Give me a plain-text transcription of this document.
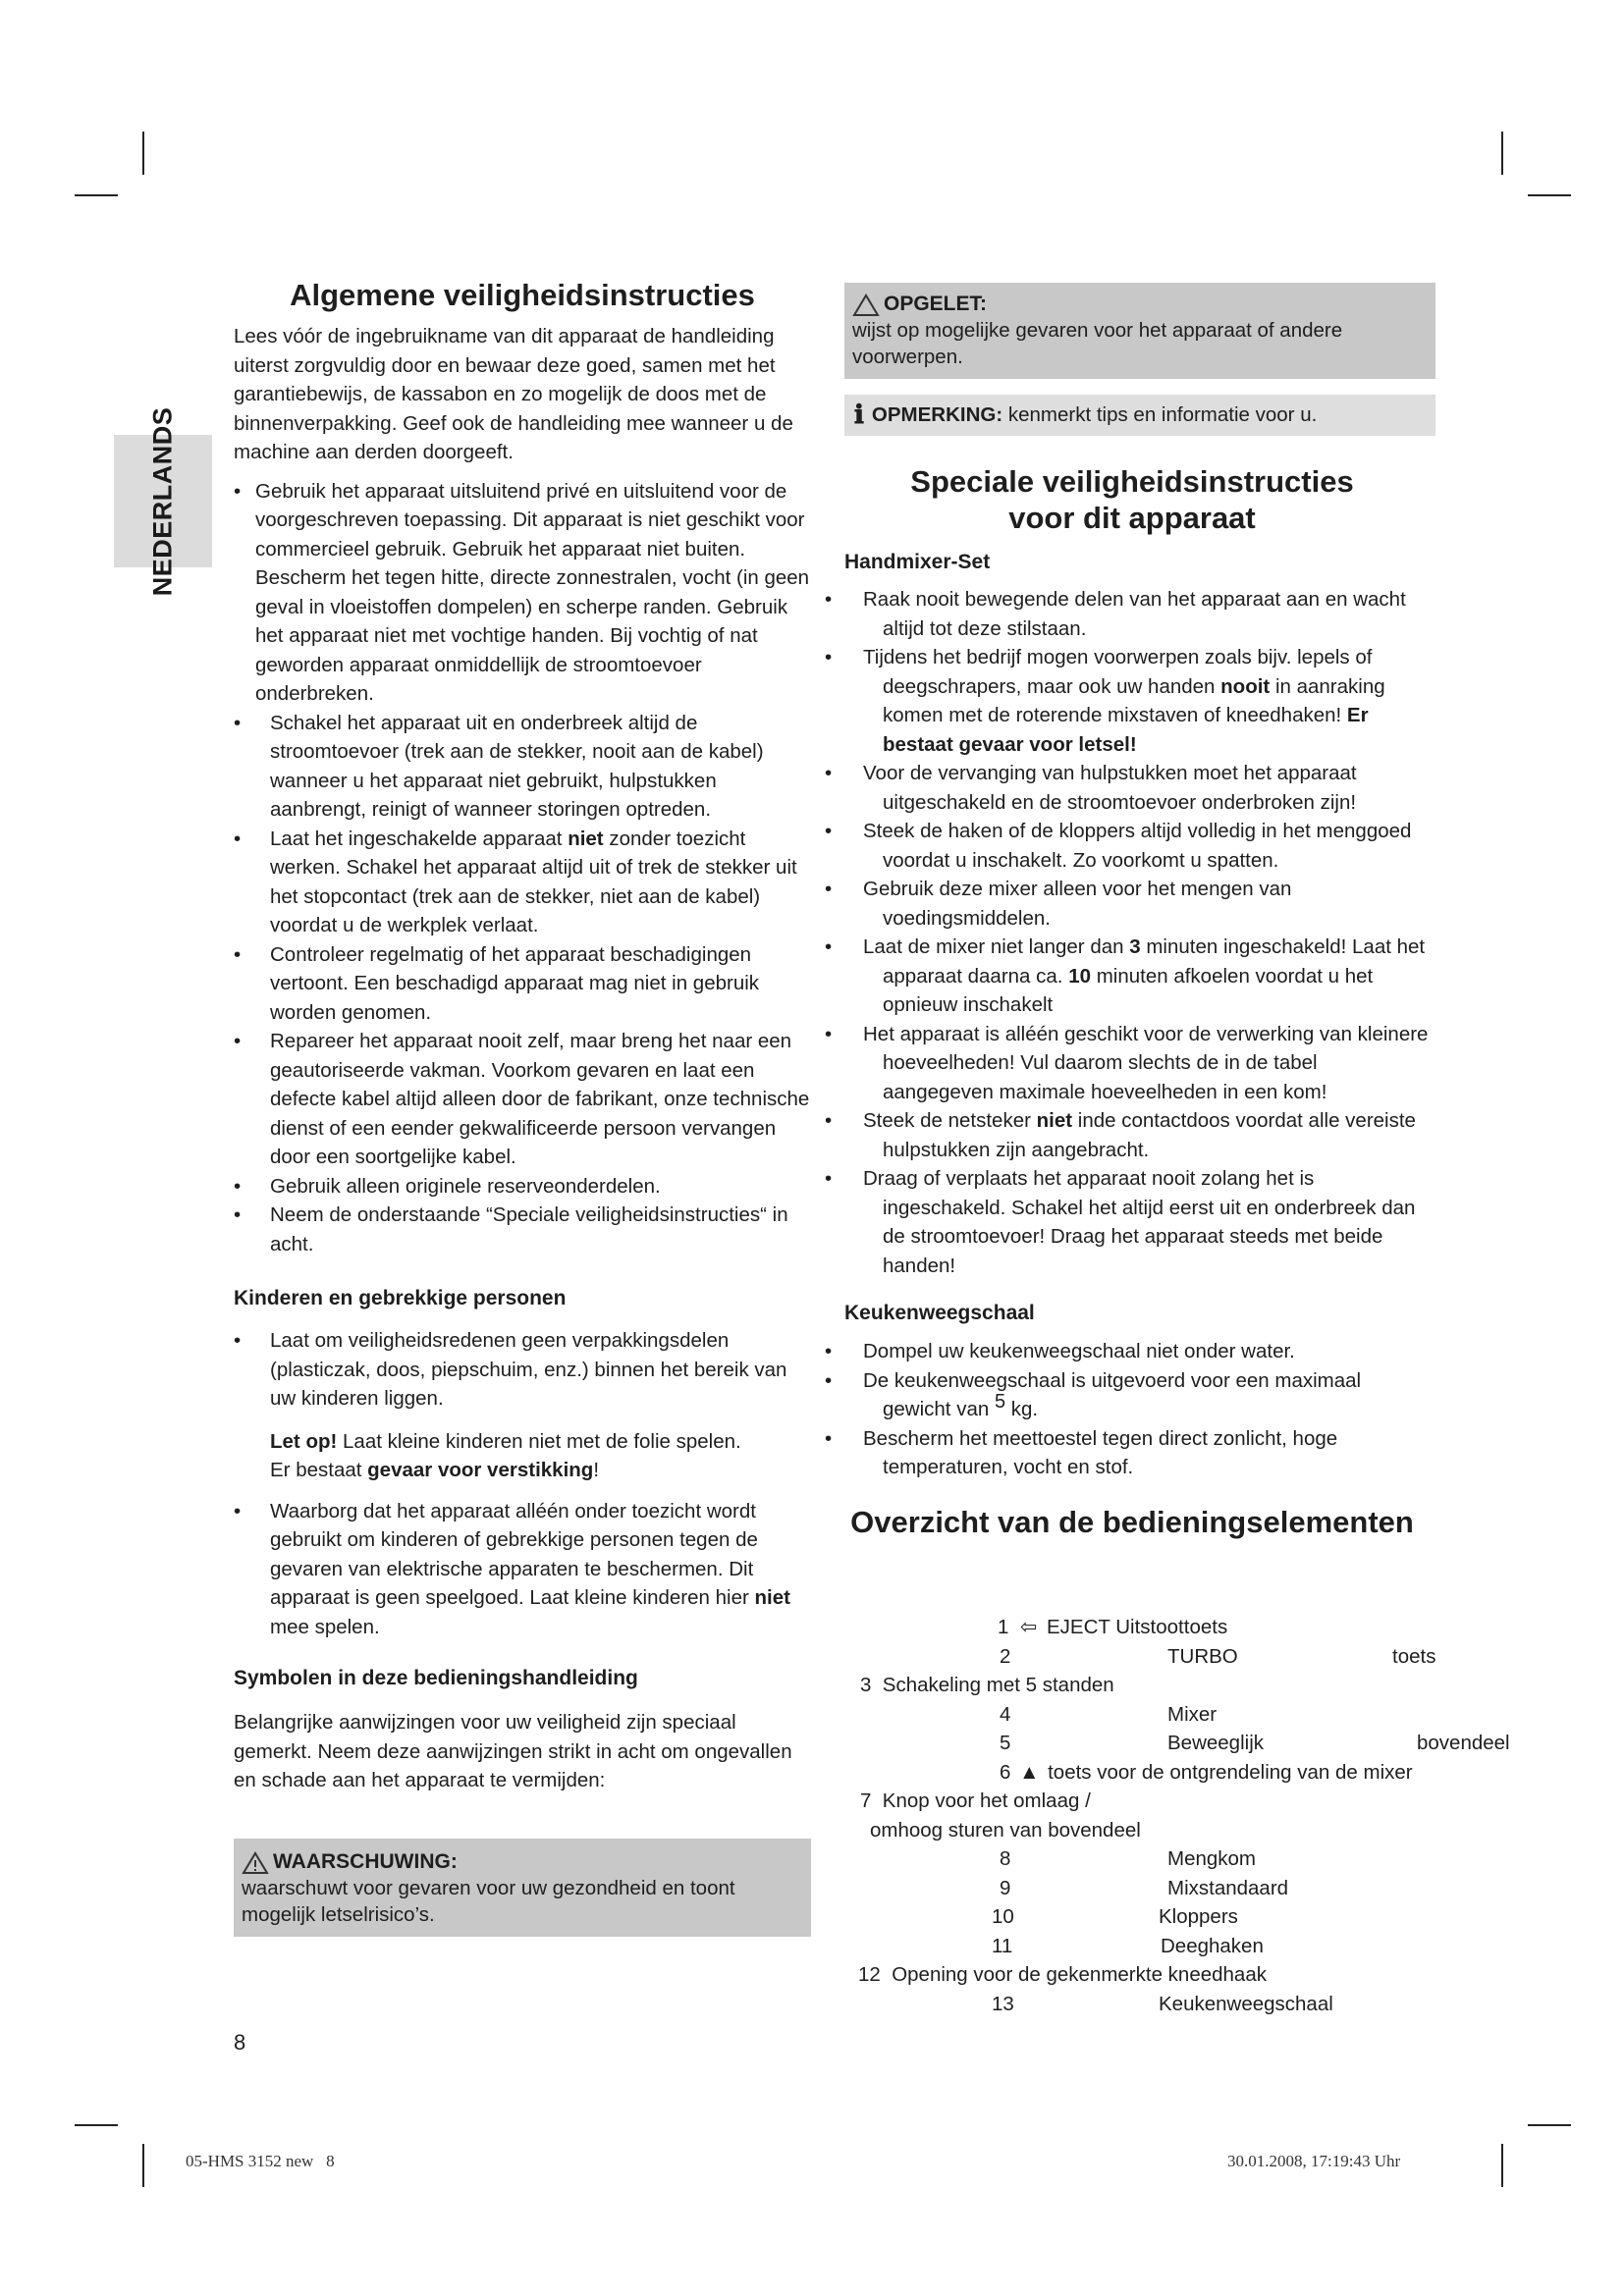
NEDERLANDS
Algemene veiligheidsinstructies

Lees vóór de ingebruikname van dit apparaat de handleiding uiterst zorgvuldig door en bewaar deze goed, samen met het garantiebewijs, de kassabon en zo mogelijk de doos met de binnenverpakking. Geef ook de handleiding mee wanneer u de machine aan derden doorgeeft.

• Gebruik het apparaat uitsluitend privé en uitsluitend voor de voorgeschreven toepassing. Dit apparaat is niet geschikt voor commercieel gebruik. Gebruik het apparaat niet buiten. Bescherm het tegen hitte, directe zonnestralen, vocht (in geen geval in vloeistoffen dompelen) en scherpe randen. Gebruik het apparaat niet met vochtige handen. Bij vochtig of nat geworden apparaat onmiddellijk de stroomtoevoer onderbreken.
• Schakel het apparaat uit en onderbreek altijd de stroomtoevoer (trek aan de stekker, nooit aan de kabel) wanneer u het apparaat niet gebruikt, hulpstukken aanbrengt, reinigt of wanneer storingen optreden.
• Laat het ingeschakelde apparaat niet zonder toezicht werken. Schakel het apparaat altijd uit of trek de stekker uit het stopcontact (trek aan de stekker, niet aan de kabel) voordat u de werkplek verlaat.
• Controleer regelmatig of het apparaat beschadigingen vertoont. Een beschadigd apparaat mag niet in gebruik worden genomen.
• Repareer het apparaat nooit zelf, maar breng het naar een geautoriseerde vakman. Voorkom gevaren en laat een defecte kabel altijd alleen door de fabrikant, onze technische dienst of een eender gekwalificeerde persoon vervangen door een soortgelijke kabel.
• Gebruik alleen originele reserveonderdelen.
• Neem de onderstaande “Speciale veiligheidsinstructies“ in acht.
Kinderen en gebrekkige personen
• Laat om veiligheidsredenen geen verpakkingsdelen (plasticzak, doos, piepschuim, enz.) binnen het bereik van uw kinderen liggen.

Let op! Laat kleine kinderen niet met de folie spelen.
Er bestaat gevaar voor verstikking!

• Waarborg dat het apparaat alléén onder toezicht wordt gebruikt om kinderen of gebrekkige personen tegen de gevaren van elektrische apparaten te beschermen. Dit apparaat is geen speelgoed. Laat kleine kinderen hier niet mee spelen.
Symbolen in deze bedieningshandleiding

Belangrijke aanwijzingen voor uw veiligheid zijn speciaal gemerkt. Neem deze aanwijzingen strikt in acht om ongevallen en schade aan het apparaat te vermijden:

WAARSCHUWING:
waarschuwt voor gevaren voor uw gezondheid en toont mogelijk letselrisico’s.
OPGELET:
wijst op mogelijke gevaren voor het apparaat of andere voorwerpen.
ℹ OPMERKING: kenmerkt tips en informatie voor u.
Speciale veiligheidsinstructies
voor dit apparaat
Handmixer-Set
• Raak nooit bewegende delen van het apparaat aan en wacht altijd tot deze stilstaan.
• Tijdens het bedrijf mogen voorwerpen zoals bijv. lepels of deegschrapers, maar ook uw handen nooit in aanraking komen met de roterende mixstaven of kneedhaken! Er bestaat gevaar voor letsel!
• Voor de vervanging van hulpstukken moet het apparaat uitgeschakeld en de stroomtoevoer onderbroken zijn!
• Steek de haken of de kloppers altijd volledig in het menggoed voordat u inschakelt. Zo voorkomt u spatten.
• Gebruik deze mixer alleen voor het mengen van voedingsmiddelen.
• Laat de mixer niet langer dan 3 minuten ingeschakeld! Laat het apparaat daarna ca. 10 minuten afkoelen voordat u het opnieuw inschakelt
• Het apparaat is alléén geschikt voor de verwerking van kleinere hoeveelheden! Vul daarom slechts de in de tabel aangegeven maximale hoeveelheden in een kom!
• Steek de netsteker niet inde contactdoos voordat alle vereiste hulpstukken zijn aangebracht.
• Draag of verplaats het apparaat nooit zolang het is ingeschakeld. Schakel het altijd eerst uit en onderbreek dan de stroomtoevoer! Draag het apparaat steeds met beide handen!
Keukenweegschaal
• Dompel uw keukenweegschaal niet onder water.
• De keukenweegschaal is uitgevoerd voor een maximaal gewicht van $^5$ kg.
• Bescherm het meettoestel tegen direct zonlicht, hoge temperaturen, vocht en stof.
Overzicht van de bedieningselementen
1 ⇦ EJECT Uitstoottoets
2	TURBO	toets
3  Schakeling met 5 standen
4	Mixer
5	Beweeglijk	bovendeel
6 ▲ toets voor de ontgrendeling van de mixer
7  Knop voor het omlaag /
omhoog sturen van bovendeel
8	Mengkom
9	Mixstandaard
10	Kloppers
11	Deeghaken
12  Opening voor de gekenmerkte kneedhaak
13	Keukenweegschaal
8
05-HMS 3152 new   8	30.01.2008, 17:19:43 Uhr
